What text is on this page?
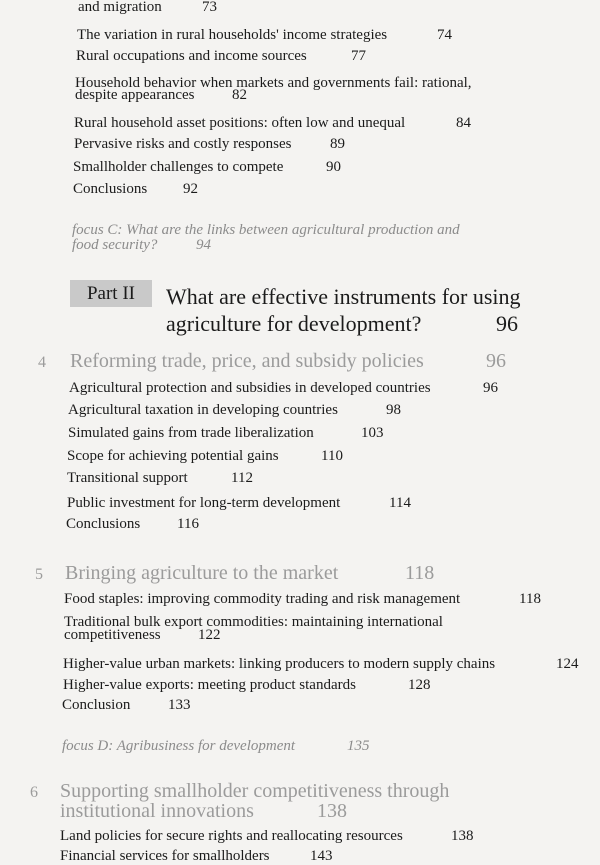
and migration	73
The variation in rural households' income strategies	74
Rural occupations and income sources	77
Household behavior when markets and governments fail: rational,
despite appearances 82
Rural household asset positions: often low and unequal	84
Pervasive risks and costly responses	89
Smallholder challenges to compete	90
Conclusions 92
focus C: What are the links between agricultural production and
food security?	94
Part II	What are effective instruments for using
agriculture for development?	96
4 Reforming trade, price, and subsidy policies	96
Agricultural protection and subsidies in developed countries	96
Agricultural taxation in developing countries	98
Simulated gains from trade liberalization	103
Scope for achieving potential gains	110
Transitional support	112
Public investment for long-term development	114
Conclusions 116
5 Bringing agriculture to the market	118
Food staples: improving commodity trading and risk management	118
Traditional bulk export commodities: maintaining international
competitiveness 122
Higher-value urban markets: linking producers to modern supply chains	124
Higher-value exports: meeting product standards	128
Conclusion	133
focus D: Agribusiness for development	135
6 Supporting smallholder competitiveness through
institutional innovations	138
Land policies for secure rights and reallocating resources	138
Financial services for smallholders	143
